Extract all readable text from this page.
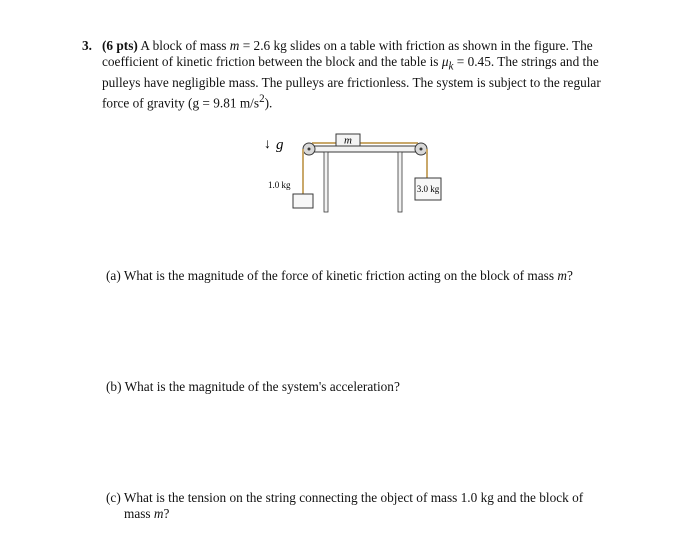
3. (6 pts) A block of mass m = 2.6 kg slides on a table with friction as shown in the figure. The coefficient of kinetic friction between the block and the table is $\mu_k = 0.45$. The strings and the pulleys have negligible mass. The pulleys are frictionless. The system is subject to the regular force of gravity (g = 9.81 $m/s^2$).
↓ g⃗	m
1.0 kg	3.0 kg
(a) What is the magnitude of the force of kinetic friction acting on the block of mass m?
(b) What is the magnitude of the system's acceleration?
(c) What is the tension on the string connecting the object of mass 1.0 kg and the block of
mass m?
